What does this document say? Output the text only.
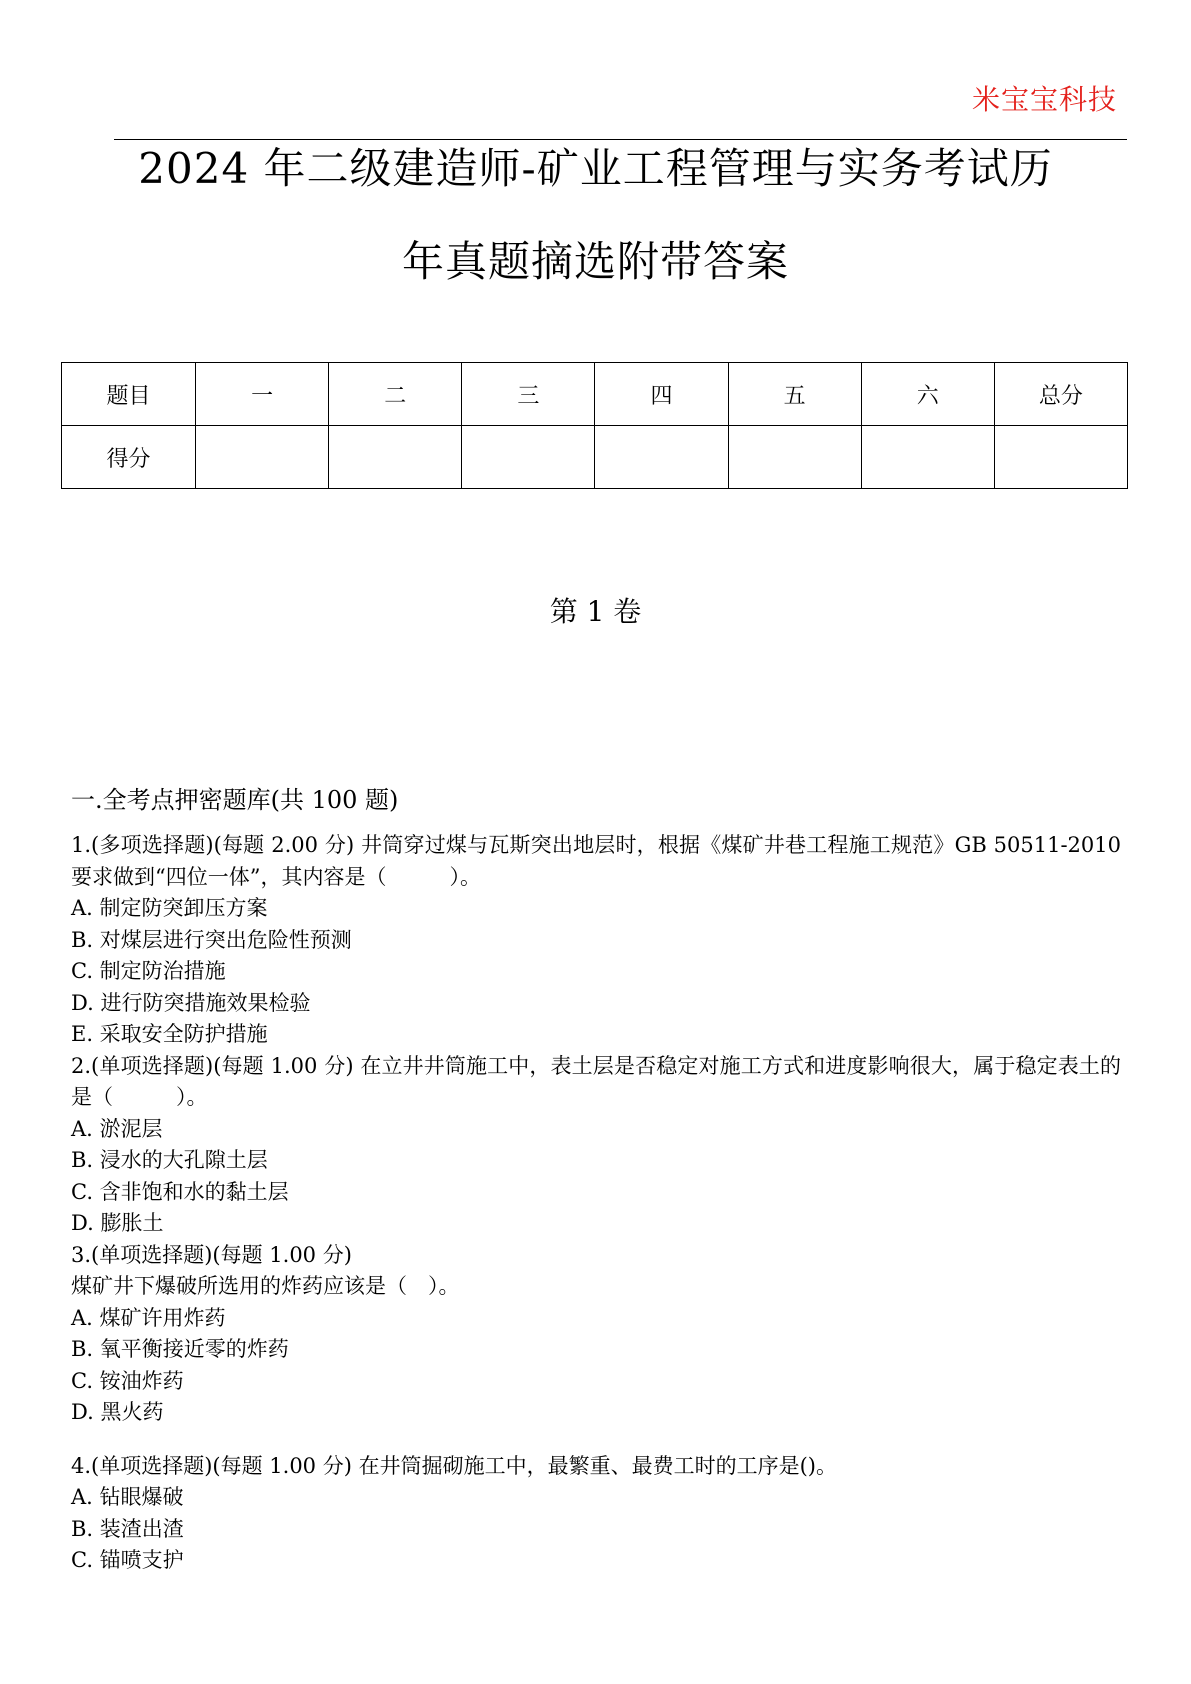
米宝宝科技
2024 年二级建造师-矿业工程管理与实务考试历
年真题摘选附带答案
题目	一	二	三	四	五	六	总分
得分							
第 1 卷
一.全考点押密题库(共 100 题)

1.(多项选择题)(每题 2.00 分) 井筒穿过煤与瓦斯突出地层时，根据《煤矿井巷工程施工规范》GB 50511-2010 要求做到“四位一体”，其内容是（　　　）。

A. 制定防突卸压方案

B. 对煤层进行突出危险性预测

C. 制定防治措施

D. 进行防突措施效果检验

E. 采取安全防护措施

2.(单项选择题)(每题 1.00 分) 在立井井筒施工中，表土层是否稳定对施工方式和进度影响很大，属于稳定表土的是（　　　）。

A. 淤泥层

B. 浸水的大孔隙土层

C. 含非饱和水的黏土层

D. 膨胀土

3.(单项选择题)(每题 1.00 分)

煤矿井下爆破所选用的炸药应该是（　）。

A. 煤矿许用炸药

B. 氧平衡接近零的炸药

C. 铵油炸药

D. 黑火药

4.(单项选择题)(每题 1.00 分) 在井筒掘砌施工中，最繁重、最费工时的工序是()。

A. 钻眼爆破

B. 装渣出渣

C. 锚喷支护
